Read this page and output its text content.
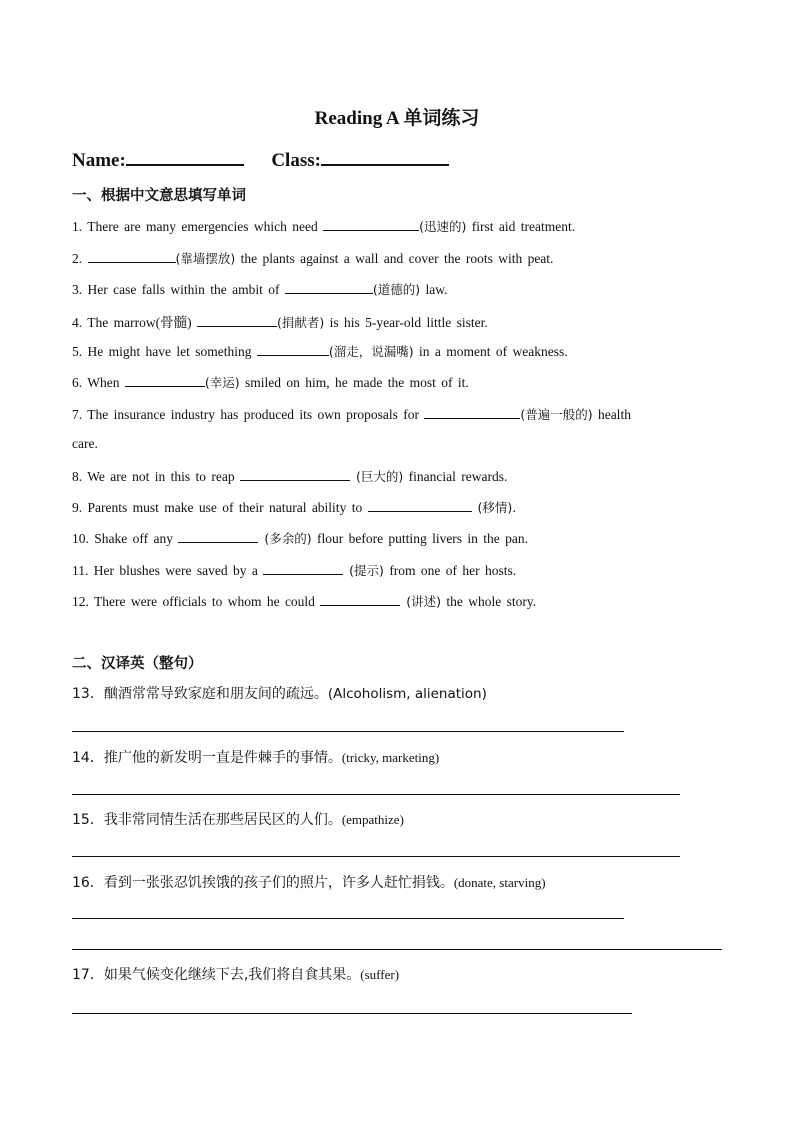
Reading A 单词练习
Name:	Class:
一、根据中文意思填写单词
1. There are many emergencies which need	(迅速的) first aid treatment.
2.	(靠墙摆放) the plants against a wall and cover the roots with peat.
3. Her case falls within the ambit of	(道德的) law.
4. The marrow(骨髓)	(捐献者) is his 5-year-old little sister.
5. He might have let something	(溜走，说漏嘴) in a moment of weakness.
6. When	(幸运) smiled on him, he made the most of it.
7. The insurance industry has produced its own proposals for	(普遍一般的) health
care.
8. We are not in this to reap	(巨大的) financial rewards.
9. Parents must make use of their natural ability to	(移情).
10. Shake off any	(多余的) flour before putting livers in the pan.
11. Her blushes were saved by a	(提示) from one of her hosts.
12. There were officials to whom he could	(讲述) the whole story.
二、汉译英（整句）
13．酗酒常常导致家庭和朋友间的疏远。(Alcoholism, alienation)
14．推广他的新发明一直是件棘手的事情。(tricky, marketing)
15．我非常同情生活在那些居民区的人们。(empathize)
16．看到一张张忍饥挨饿的孩子们的照片，许多人赶忙捐钱。(donate, starving)
17．如果气候变化继续下去,我们将自食其果。(suffer)
